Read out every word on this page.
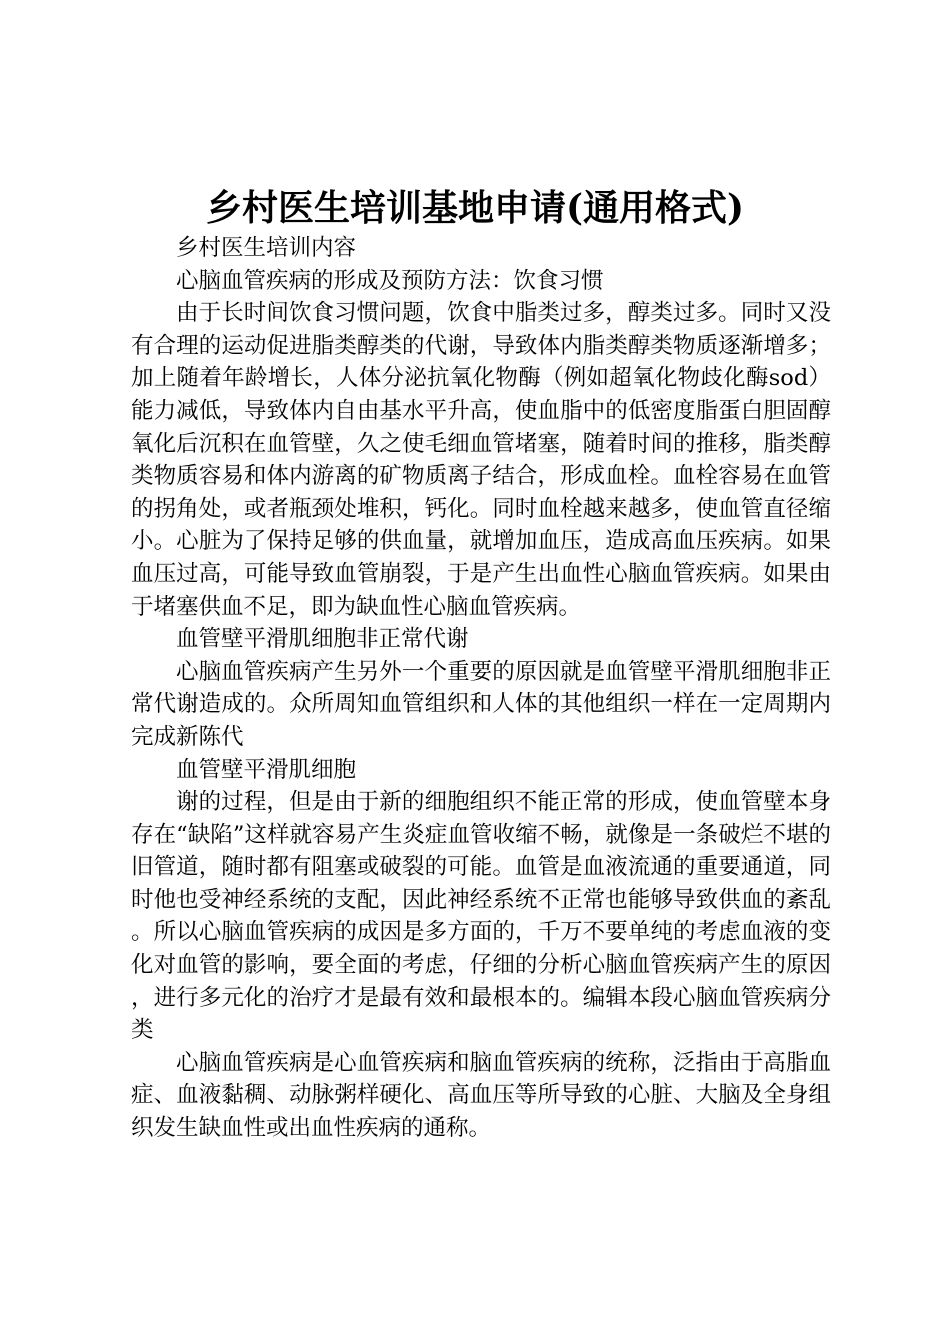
乡村医生培训基地申请(通用格式)

乡村医生培训内容

心脑血管疾病的形成及预防方法：饮食习惯

由于长时间饮食习惯问题，饮食中脂类过多，醇类过多。同时又没有合理的运动促进脂类醇类的代谢，导致体内脂类醇类物质逐渐增多；加上随着年龄增长，人体分泌抗氧化物酶（例如超氧化物歧化酶sod）能力减低，导致体内自由基水平升高，使血脂中的低密度脂蛋白胆固醇氧化后沉积在血管壁，久之使毛细血管堵塞，随着时间的推移，脂类醇类物质容易和体内游离的矿物质离子结合，形成血栓。血栓容易在血管的拐角处，或者瓶颈处堆积，钙化。同时血栓越来越多，使血管直径缩小。心脏为了保持足够的供血量，就增加血压，造成高血压疾病。如果血压过高，可能导致血管崩裂，于是产生出血性心脑血管疾病。如果由于堵塞供血不足，即为缺血性心脑血管疾病。

血管壁平滑肌细胞非正常代谢

心脑血管疾病产生另外一个重要的原因就是血管壁平滑肌细胞非正常代谢造成的。众所周知血管组织和人体的其他组织一样在一定周期内完成新陈代

血管壁平滑肌细胞

谢的过程，但是由于新的细胞组织不能正常的形成，使血管壁本身存在“缺陷”这样就容易产生炎症血管收缩不畅，就像是一条破烂不堪的旧管道，随时都有阻塞或破裂的可能。血管是血液流通的重要通道，同时他也受神经系统的支配，因此神经系统不正常也能够导致供血的紊乱。所以心脑血管疾病的成因是多方面的，千万不要单纯的考虑血液的变化对血管的影响，要全面的考虑，仔细的分析心脑血管疾病产生的原因，进行多元化的治疗才是最有效和最根本的。编辑本段心脑血管疾病分类

心脑血管疾病是心血管疾病和脑血管疾病的统称，泛指由于高脂血症、血液黏稠、动脉粥样硬化、高血压等所导致的心脏、大脑及全身组织发生缺血性或出血性疾病的通称。
